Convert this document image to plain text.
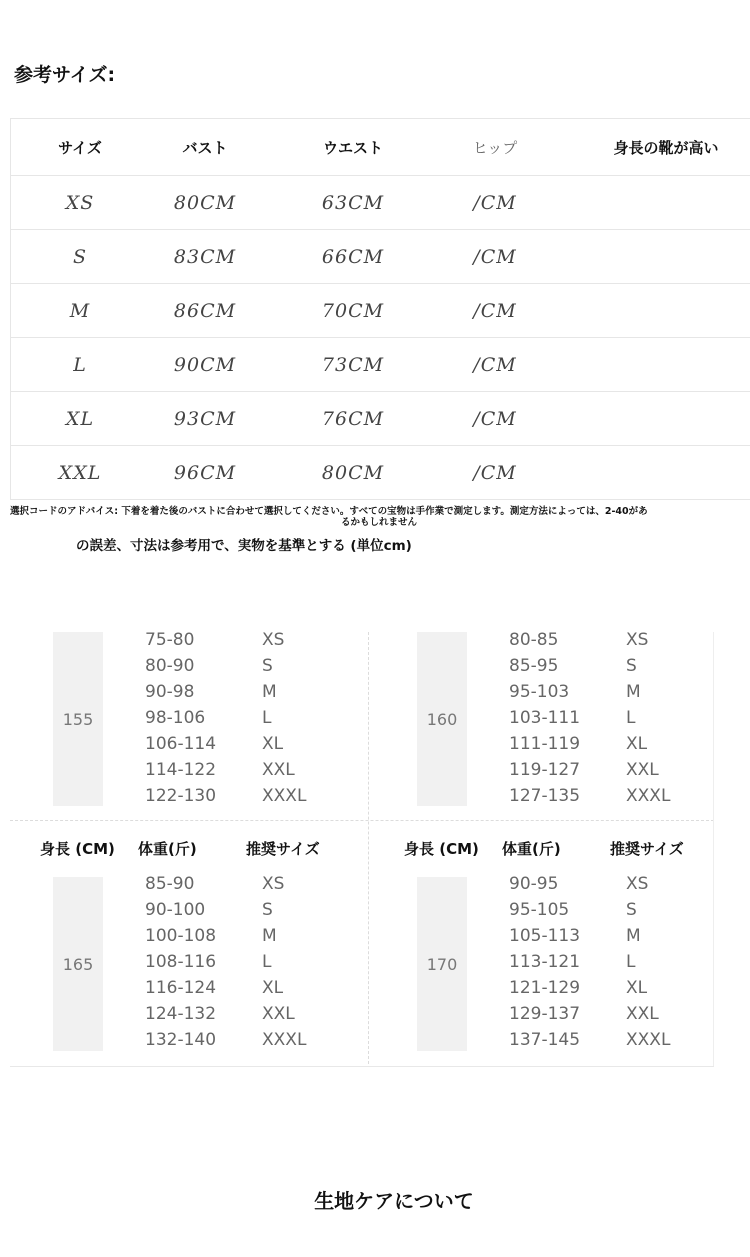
参考サイズ:
サイズ	バスト	ウエスト	ヒップ	身長の靴が高い
XS	80CM	63CM	/CM
S	83CM	66CM	/CM
M	86CM	70CM	/CM
L	90CM	73CM	/CM
XL	93CM	76CM	/CM
XXL	96CM	80CM	/CM
選択コードのアドバイス: 下着を着た後のバストに合わせて選択してください。すべての宝物は手作業で測定します。測定方法によっては、2-40があ
るかもしれません
の誤差、寸法は参考用で、実物を基準とする (単位cm)
155
75-80	XS
80-90	S
90-98	M
98-106	L
106-114	XL
114-122	XXL
122-130	XXXL
160
80-85	XS
85-95	S
95-103	M
103-111	L
111-119	XL
119-127	XXL
127-135	XXXL
身長 (CM) 体重(斤)	推奨サイズ	身長 (CM) 体重(斤)	推奨サイズ
165
85-90	XS
90-100	S
100-108	M
108-116	L
116-124	XL
124-132	XXL
132-140	XXXL
170
90-95	XS
95-105	S
105-113	M
113-121	L
121-129	XL
129-137	XXL
137-145	XXXL
生地ケアについて
